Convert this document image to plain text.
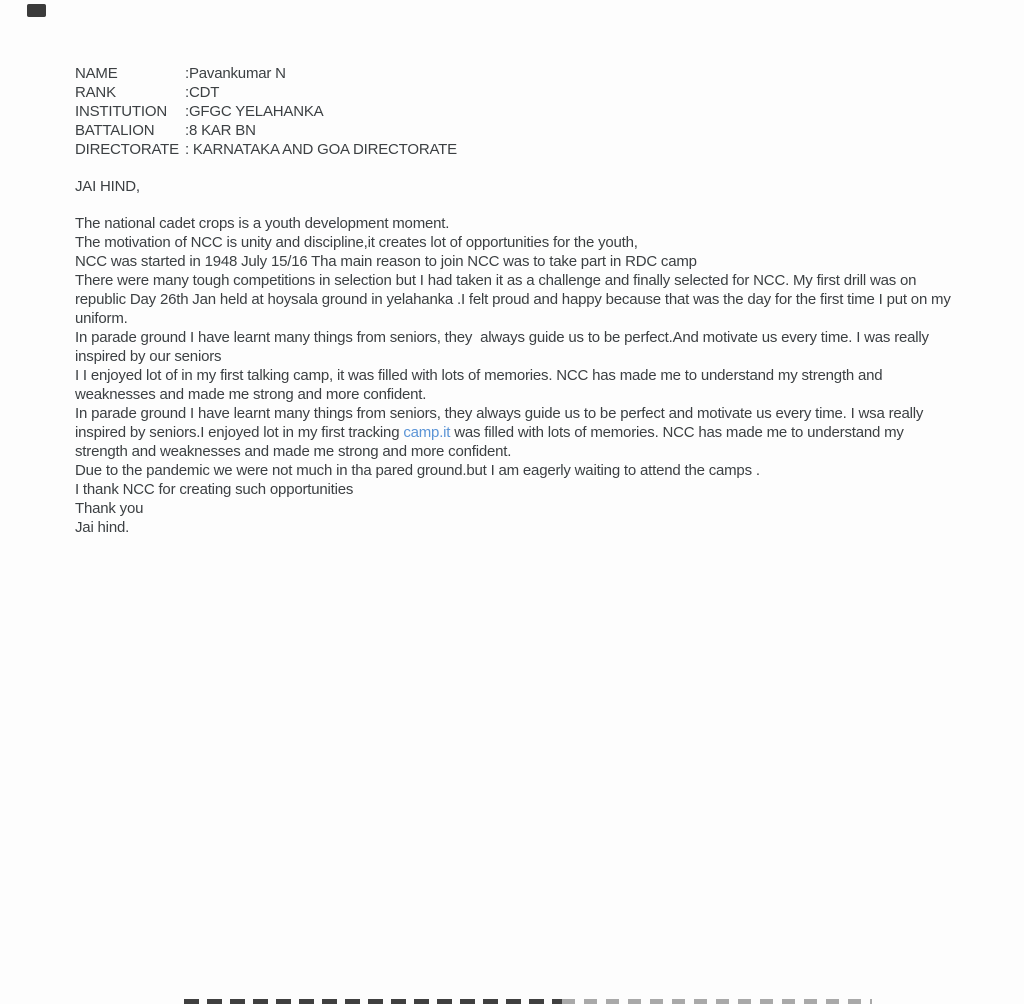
NAME	:Pavankumar N
RANK	:CDT
INSTITUTION :GFGC YELAHANKA
BATTALION :8 KAR BN
DIRECTORATE : KARNATAKA AND GOA DIRECTORATE
JAI HIND,

The national cadet crops is a youth development moment.

The motivation of NCC is unity and discipline,it creates lot of opportunities for the youth,

NCC was started in 1948 July 15/16 Tha main reason to join NCC was to take part in RDC camp

There were many tough competitions in selection but I had taken it as a challenge and finally selected for NCC. My first drill was on republic Day 26th Jan held at hoysala ground in yelahanka .I felt proud and happy because that was the day for the first time I put on my uniform.

In parade ground I have learnt many things from seniors, they  always guide us to be perfect.And motivate us every time. I was really inspired by our seniors

I I enjoyed lot of in my first talking camp, it was filled with lots of memories. NCC has made me to understand my strength and weaknesses and made me strong and more confident.

In parade ground I have learnt many things from seniors, they always guide us to be perfect and motivate us every time. I wsa really inspired by seniors.I enjoyed lot in my first tracking camp.it was filled with lots of memories. NCC has made me to understand my strength and weaknesses and made me strong and more confident.

Due to the pandemic we were not much in tha pared ground.but I am eagerly waiting to attend the camps .

I thank NCC for creating such opportunities

Thank you

Jai hind.
